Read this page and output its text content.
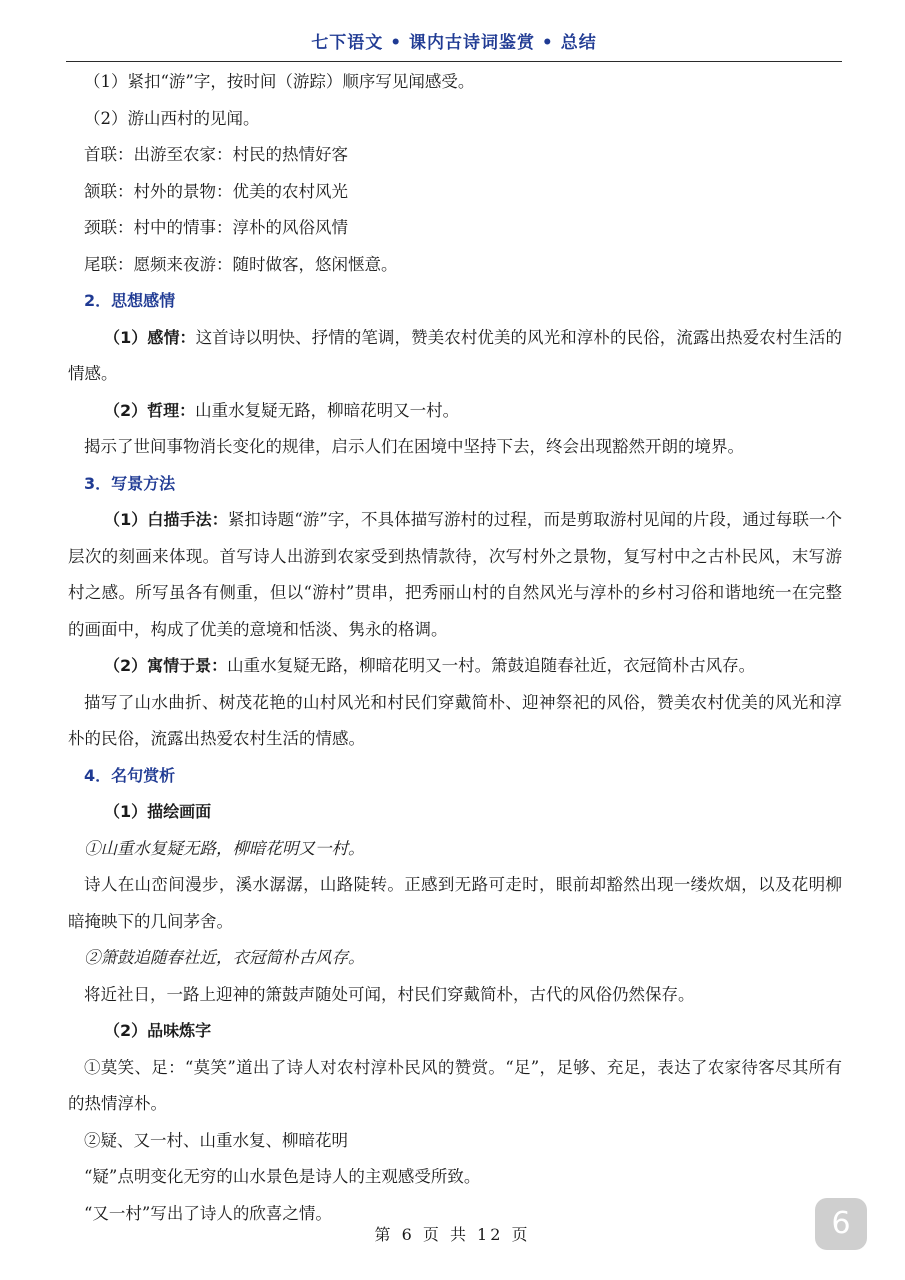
七下语文 • 课内古诗词鉴赏 • 总结

（1）紧扣“游”字，按时间（游踪）顺序写见闻感受。

（2）游山西村的见闻。

首联：出游至农家：村民的热情好客

颔联：村外的景物：优美的农村风光

颈联：村中的情事：淳朴的风俗风情

尾联：愿频来夜游：随时做客，悠闲惬意。

2．思想感情

（1）感情：这首诗以明快、抒情的笔调，赞美农村优美的风光和淳朴的民俗，流露出热爱农村生活的情感。

（2）哲理：山重水复疑无路，柳暗花明又一村。

揭示了世间事物消长变化的规律，启示人们在困境中坚持下去，终会出现豁然开朗的境界。

3．写景方法

（1）白描手法：紧扣诗题“游”字，不具体描写游村的过程，而是剪取游村见闻的片段，通过每联一个层次的刻画来体现。首写诗人出游到农家受到热情款待，次写村外之景物，复写村中之古朴民风，末写游村之感。所写虽各有侧重，但以“游村”贯串，把秀丽山村的自然风光与淳朴的乡村习俗和谐地统一在完整的画面中，构成了优美的意境和恬淡、隽永的格调。

（2）寓情于景：山重水复疑无路，柳暗花明又一村。箫鼓追随春社近，衣冠简朴古风存。

描写了山水曲折、树茂花艳的山村风光和村民们穿戴简朴、迎神祭祀的风俗，赞美农村优美的风光和淳朴的民俗，流露出热爱农村生活的情感。

4．名句赏析

（1）描绘画面

①山重水复疑无路，柳暗花明又一村。

诗人在山峦间漫步，溪水潺潺，山路陡转。正感到无路可走时，眼前却豁然出现一缕炊烟，以及花明柳暗掩映下的几间茅舍。

②箫鼓追随春社近，衣冠简朴古风存。

将近社日，一路上迎神的箫鼓声随处可闻，村民们穿戴简朴，古代的风俗仍然保存。

（2）品味炼字

①莫笑、足：“莫笑”道出了诗人对农村淳朴民风的赞赏。“足”，足够、充足，表达了农家待客尽其所有的热情淳朴。

②疑、又一村、山重水复、柳暗花明

“疑”点明变化无穷的山水景色是诗人的主观感受所致。

“又一村”写出了诗人的欣喜之情。

第 6 页 共 12 页	6
